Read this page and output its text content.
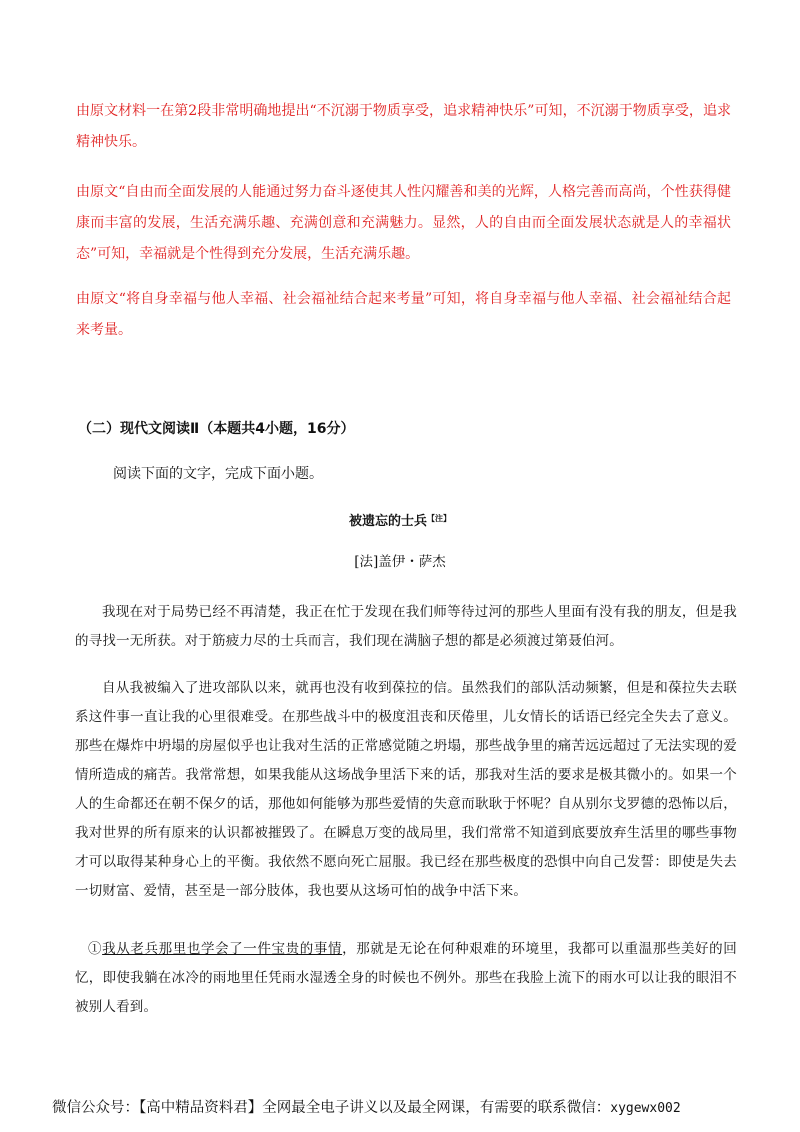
由原文材料一在第2段非常明确地提出“不沉溺于物质享受，追求精神快乐”可知，不沉溺于物质享受，追求精神快乐。
由原文“自由而全面发展的人能通过努力奋斗逐使其人性闪耀善和美的光辉，人格完善而高尚，个性获得健康而丰富的发展，生活充满乐趣、充满创意和充满魅力。显然，人的自由而全面发展状态就是人的幸福状态”可知，幸福就是个性得到充分发展，生活充满乐趣。
由原文“将自身幸福与他人幸福、社会福祉结合起来考量”可知，将自身幸福与他人幸福、社会福祉结合起来考量。
（二）现代文阅读Ⅱ（本题共4小题，16分）
阅读下面的文字，完成下面小题。
被遗忘的士兵$^{【注】}$
[法]盖伊・萨杰
我现在对于局势已经不再清楚，我正在忙于发现在我们师等待过河的那些人里面有没有我的朋友，但是我的寻找一无所获。对于筋疲力尽的士兵而言，我们现在满脑子想的都是必须渡过第聂伯河。
自从我被编入了进攻部队以来，就再也没有收到葆拉的信。虽然我们的部队活动频繁，但是和葆拉失去联系这件事一直让我的心里很难受。在那些战斗中的极度沮丧和厌倦里，儿女情长的话语已经完全失去了意义。那些在爆炸中坍塌的房屋似乎也让我对生活的正常感觉随之坍塌，那些战争里的痛苦远远超过了无法实现的爱情所造成的痛苦。我常常想，如果我能从这场战争里活下来的话，那我对生活的要求是极其微小的。如果一个人的生命都还在朝不保夕的话，那他如何能够为那些爱情的失意而耿耿于怀呢？自从别尔戈罗德的恐怖以后，我对世界的所有原来的认识都被摧毁了。在瞬息万变的战局里，我们常常不知道到底要放弃生活里的哪些事物才可以取得某种身心上的平衡。我依然不愿向死亡屈服。我已经在那些极度的恐惧中向自己发誓：即使是失去一切财富、爱情，甚至是一部分肢体，我也要从这场可怕的战争中活下来。
①我从老兵那里也学会了一件宝贵的事情，那就是无论在何种艰难的环境里，我都可以重温那些美好的回忆，即使我躺在冰冷的雨地里任凭雨水湿透全身的时候也不例外。那些在我脸上流下的雨水可以让我的眼泪不被别人看到。
微信公众号：【高中精品资料君】全网最全电子讲义以及最全网课，有需要的联系微信：xygewx002
